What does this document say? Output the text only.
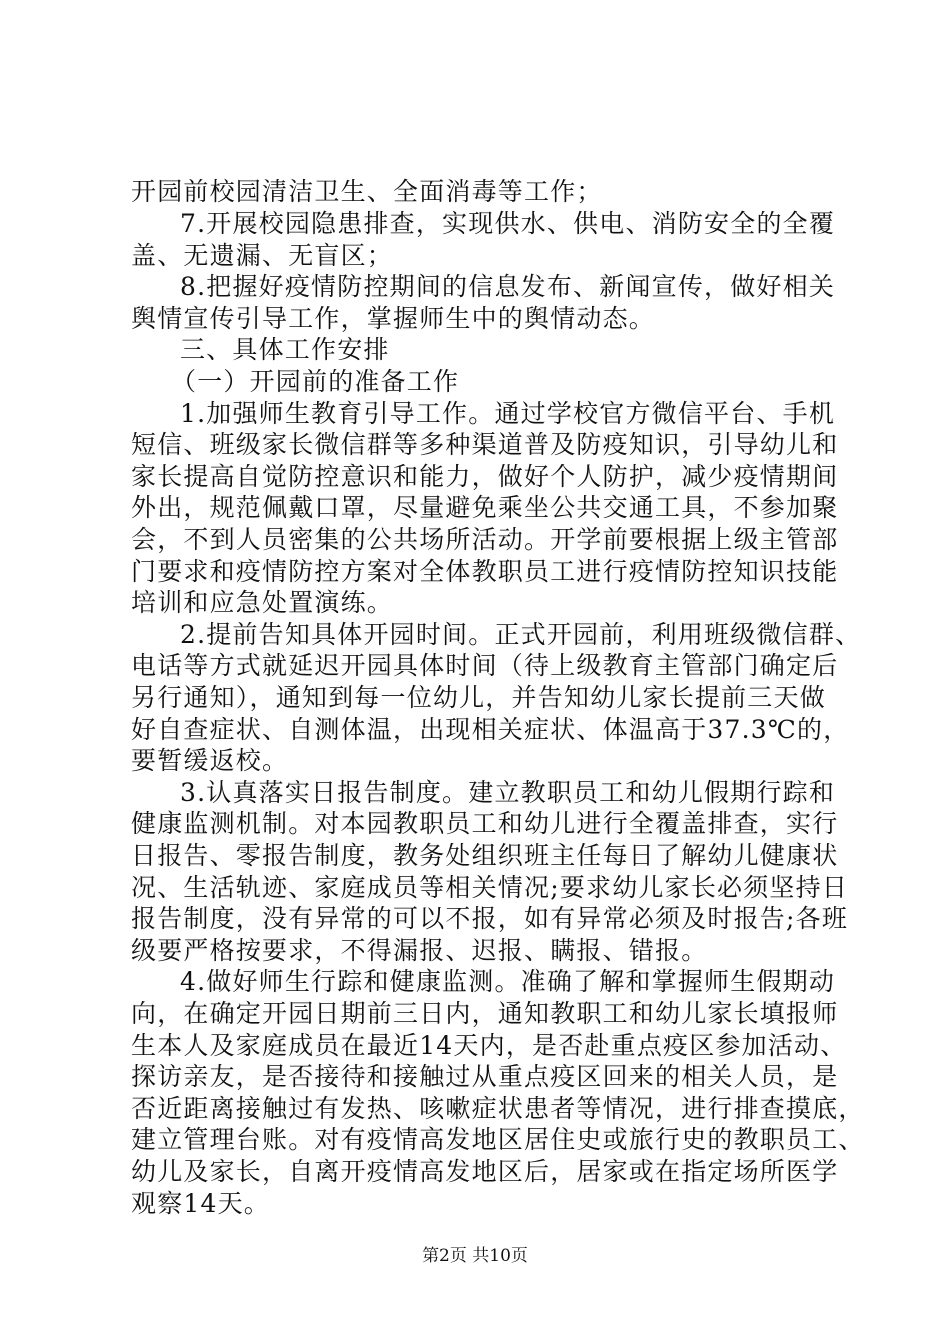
开园前校园清洁卫生、全面消毒等工作；
7.开展校园隐患排查，实现供水、供电、消防安全的全覆
盖、无遗漏、无盲区；
8.把握好疫情防控期间的信息发布、新闻宣传，做好相关
舆情宣传引导工作，掌握师生中的舆情动态。
三、具体工作安排
（一）开园前的准备工作
1.加强师生教育引导工作。通过学校官方微信平台、手机
短信、班级家长微信群等多种渠道普及防疫知识，引导幼儿和
家长提高自觉防控意识和能力，做好个人防护，减少疫情期间
外出，规范佩戴口罩，尽量避免乘坐公共交通工具，不参加聚
会，不到人员密集的公共场所活动。开学前要根据上级主管部
门要求和疫情防控方案对全体教职员工进行疫情防控知识技能
培训和应急处置演练。
2.提前告知具体开园时间。正式开园前，利用班级微信群、
电话等方式就延迟开园具体时间（待上级教育主管部门确定后
另行通知），通知到每一位幼儿，并告知幼儿家长提前三天做
好自查症状、自测体温，出现相关症状、体温高于37.3℃的，
要暂缓返校。
3.认真落实日报告制度。建立教职员工和幼儿假期行踪和
健康监测机制。对本园教职员工和幼儿进行全覆盖排查，实行
日报告、零报告制度，教务处组织班主任每日了解幼儿健康状
况、生活轨迹、家庭成员等相关情况;要求幼儿家长必须坚持日
报告制度，没有异常的可以不报，如有异常必须及时报告;各班
级要严格按要求，不得漏报、迟报、瞒报、错报。
4.做好师生行踪和健康监测。准确了解和掌握师生假期动
向，在确定开园日期前三日内，通知教职工和幼儿家长填报师
生本人及家庭成员在最近14天内，是否赴重点疫区参加活动、
探访亲友，是否接待和接触过从重点疫区回来的相关人员，是
否近距离接触过有发热、咳嗽症状患者等情况，进行排查摸底，
建立管理台账。对有疫情高发地区居住史或旅行史的教职员工、
幼儿及家长，自离开疫情高发地区后，居家或在指定场所医学
观察14天。
第2页 共10页
